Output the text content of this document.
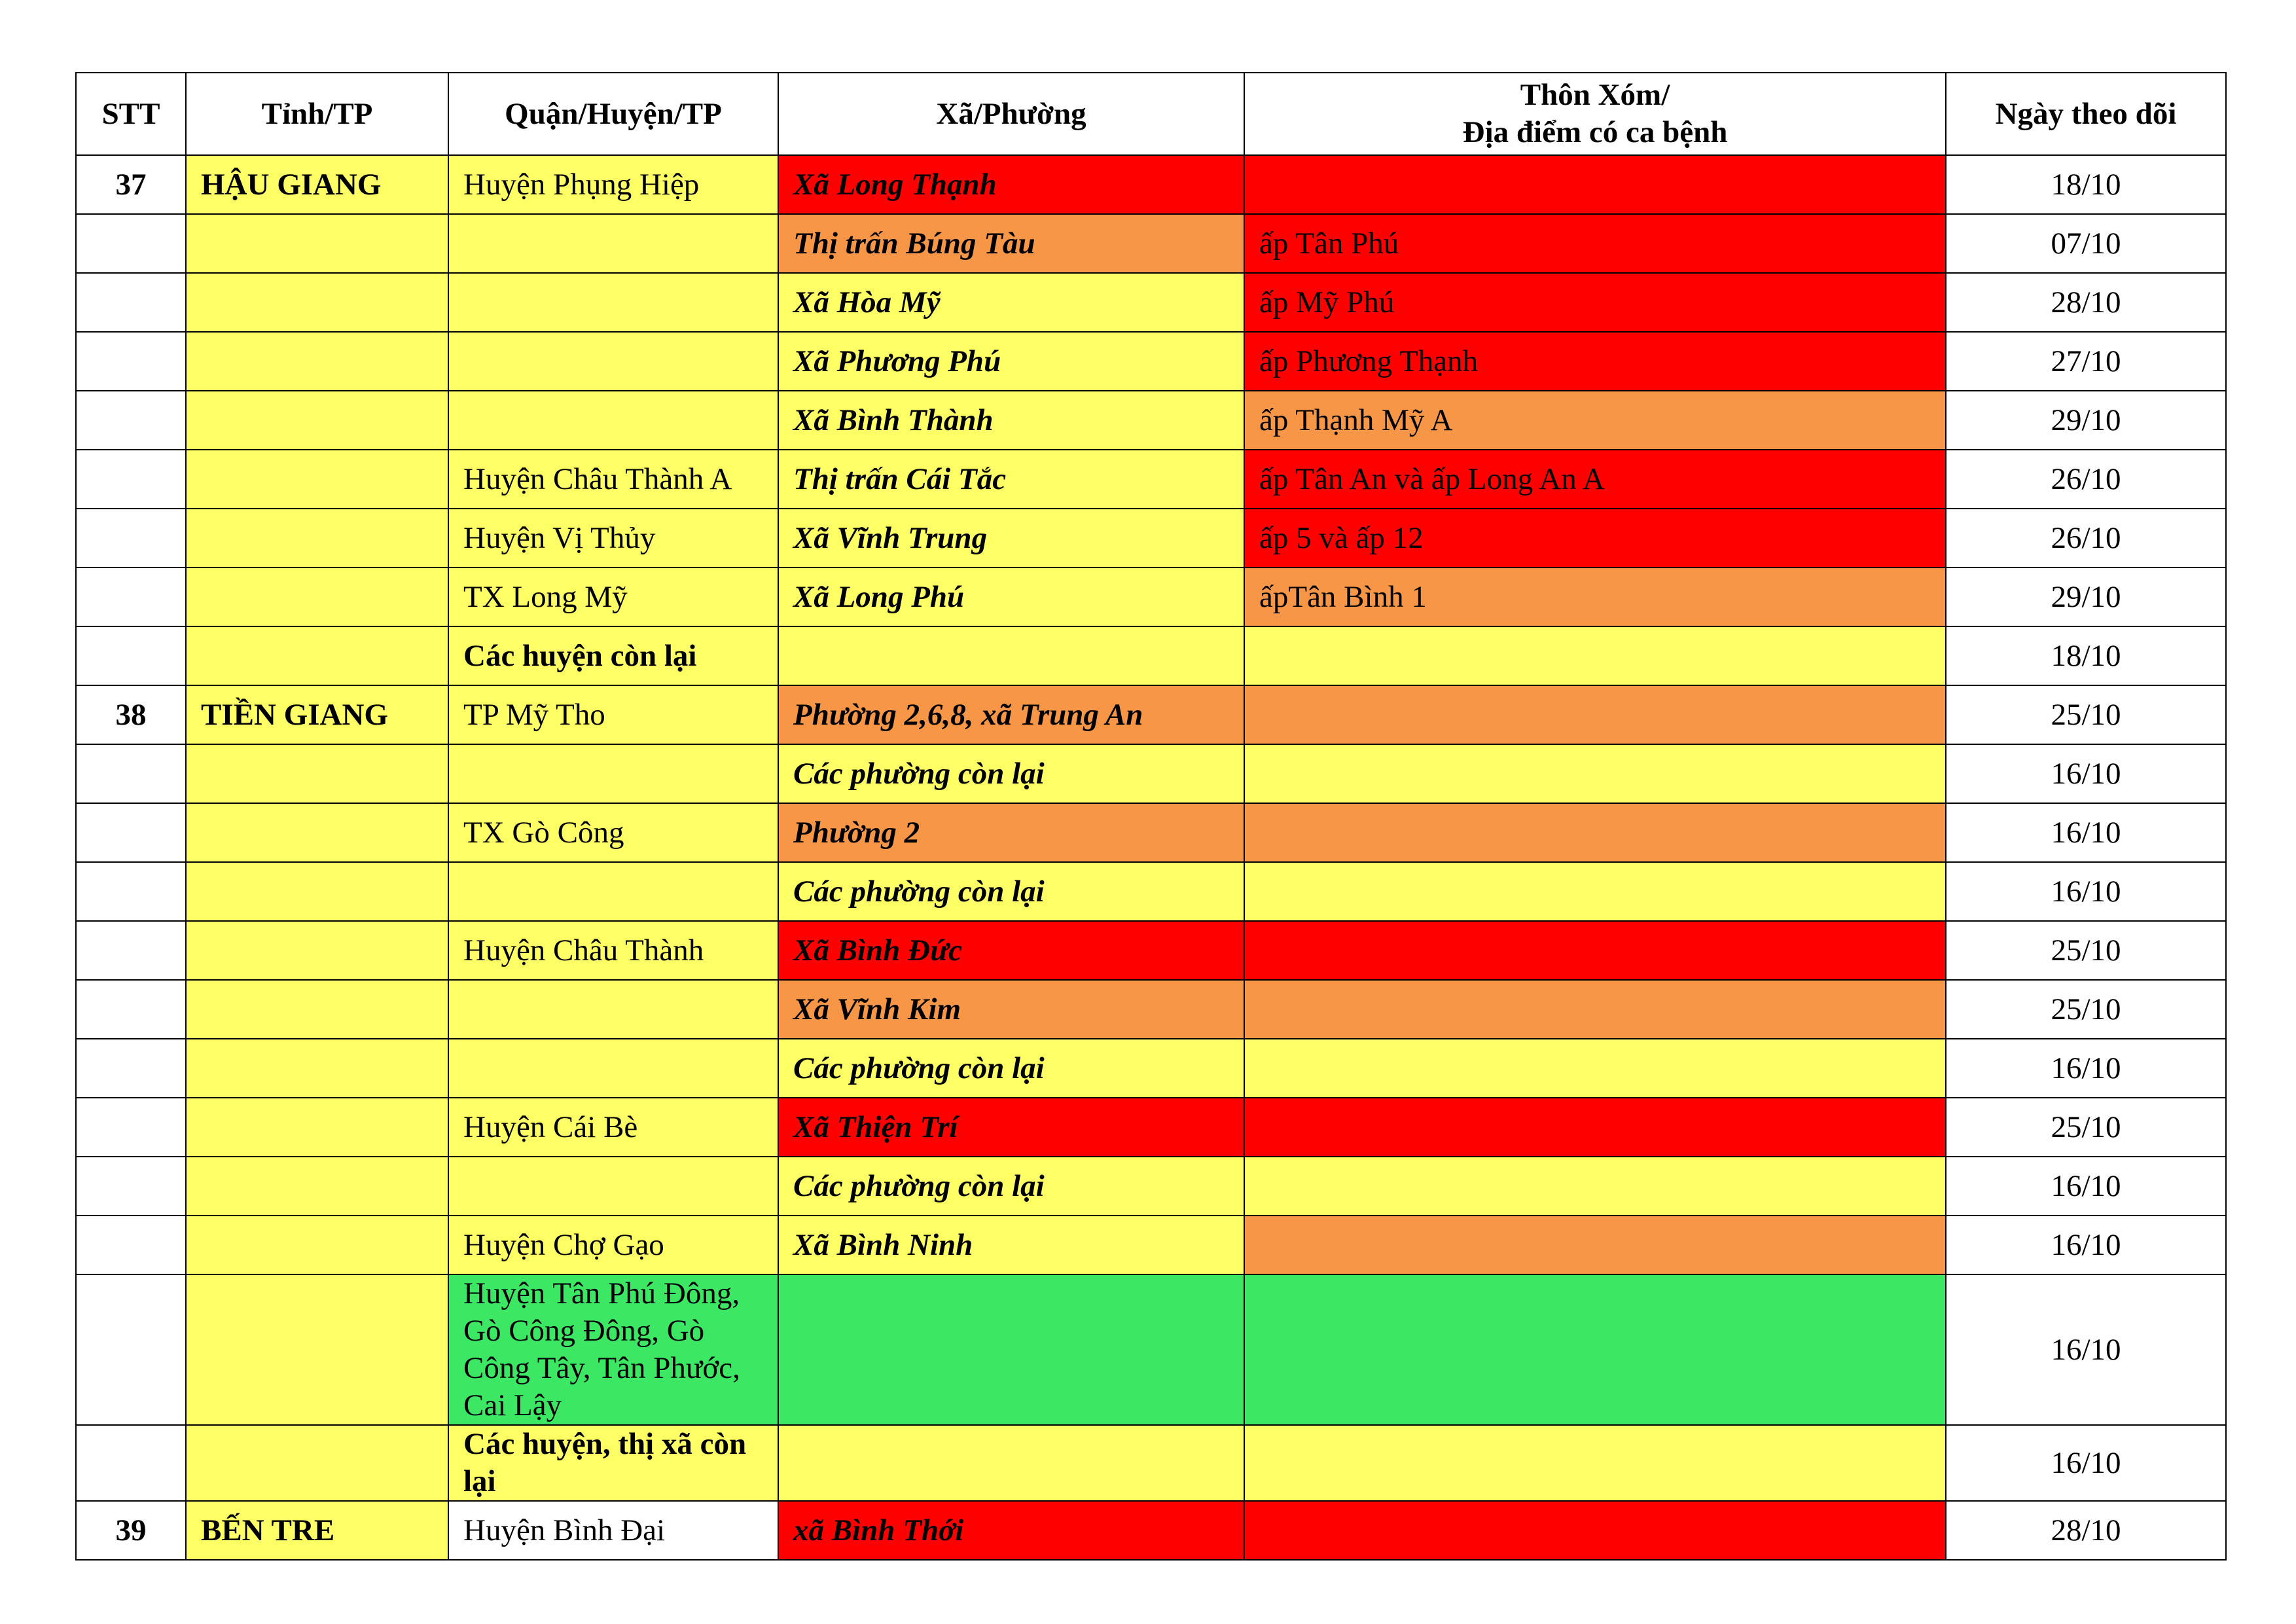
STT	Tỉnh/TP	Quận/Huyện/TP	Xã/Phường	Thôn Xóm/
Địa điểm có ca bệnh	Ngày theo dõi
37	HẬU GIANG	Huyện Phụng Hiệp	Xã Long Thạnh		18/10
			Thị trấn Búng Tàu	ấp Tân Phú	07/10
			Xã Hòa Mỹ	ấp Mỹ Phú	28/10
			Xã Phương Phú	ấp Phương Thạnh	27/10
			Xã Bình Thành	ấp Thạnh Mỹ A	29/10
		Huyện Châu Thành A	Thị trấn Cái Tắc	ấp Tân An và ấp Long An A	26/10
		Huyện Vị Thủy	Xã Vĩnh Trung	ấp 5 và ấp 12	26/10
		TX Long Mỹ	Xã Long Phú	ấpTân Bình 1	29/10
		Các huyện còn lại			18/10
38	TIỀN GIANG	TP Mỹ Tho	Phường 2,6,8, xã Trung An		25/10
			Các phường còn lại		16/10
		TX Gò Công	Phường 2		16/10
			Các phường còn lại		16/10
		Huyện Châu Thành	Xã Bình Đức		25/10
			Xã Vĩnh Kim		25/10
			Các phường còn lại		16/10
		Huyện Cái Bè	Xã Thiện Trí		25/10
			Các phường còn lại		16/10
		Huyện Chợ Gạo	Xã Bình Ninh		16/10
		Huyện Tân Phú Đông, Gò Công Đông, Gò Công Tây, Tân Phước, Cai Lậy			16/10
		Các huyện, thị xã còn lại			16/10
39	BẾN TRE	Huyện Bình Đại	xã Bình Thới		28/10
